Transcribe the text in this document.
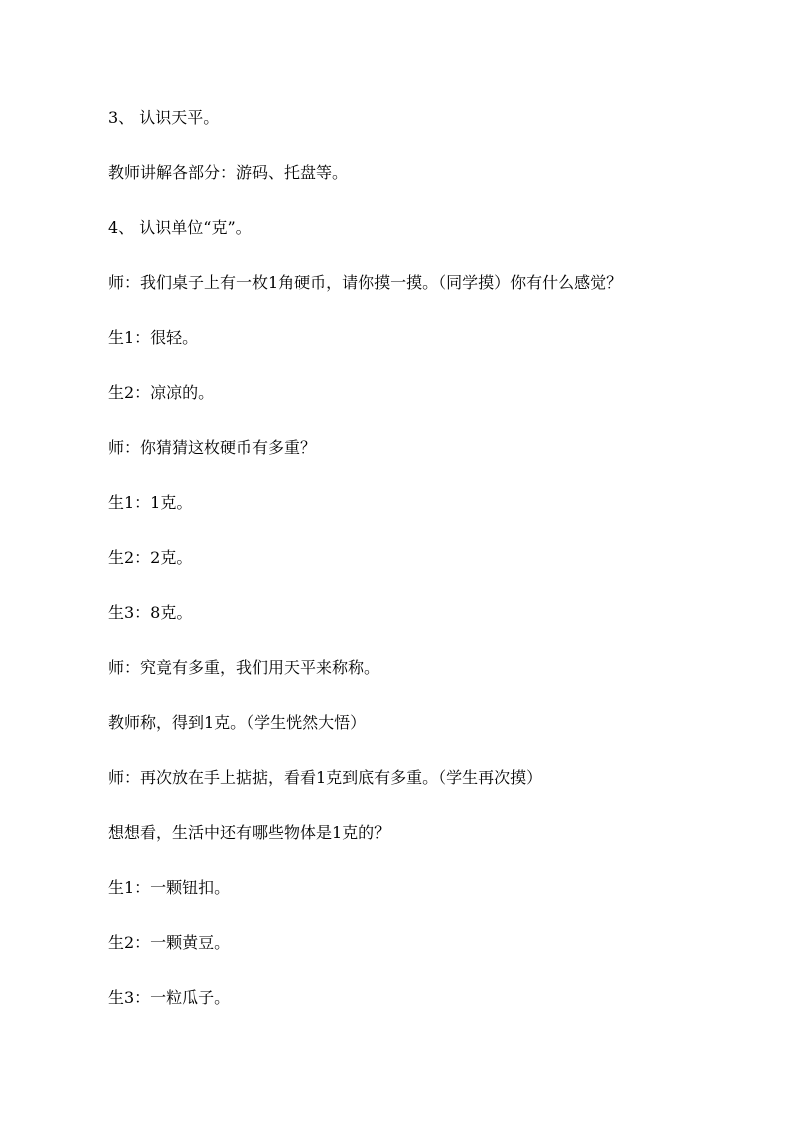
3、 认识天平。
教师讲解各部分：游码、托盘等。
4、 认识单位“克”。
师：我们桌子上有一枚1角硬币，请你摸一摸。（同学摸）你有什么感觉？
生1：很轻。
生2：凉凉的。
师：你猜猜这枚硬币有多重？
生1：1克。
生2：2克。
生3：8克。
师：究竟有多重，我们用天平来称称。
教师称，得到1克。（学生恍然大悟）
师：再次放在手上掂掂，看看1克到底有多重。（学生再次摸）
想想看，生活中还有哪些物体是1克的？
生1：一颗钮扣。
生2：一颗黄豆。
生3：一粒瓜子。
